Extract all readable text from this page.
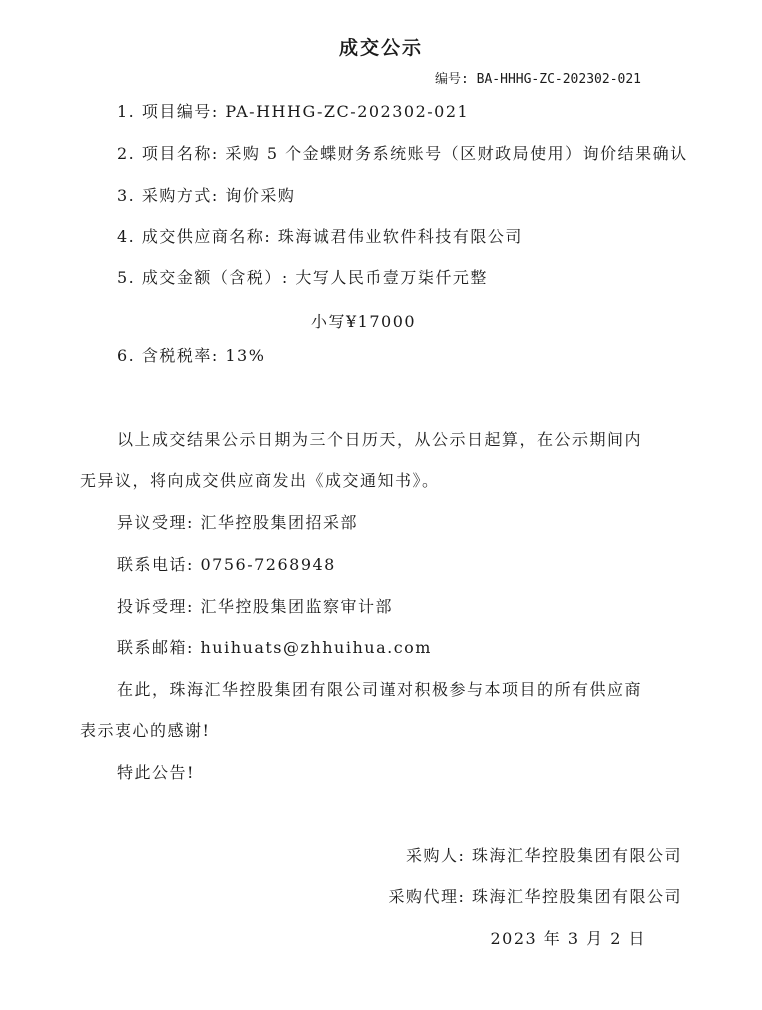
成交公示
编号: BA-HHHG-ZC-202302-021
1. 项目编号: PA-HHHG-ZC-202302-021
2. 项目名称: 采购 5 个金蝶财务系统账号（区财政局使用）询价结果确认
3. 采购方式: 询价采购
4. 成交供应商名称: 珠海诚君伟业软件科技有限公司
5. 成交金额（含税）: 大写人民币壹万柒仟元整
小写¥17000
6. 含税税率: 13%
以上成交结果公示日期为三个日历天，从公示日起算，在公示期间内
无异议，将向成交供应商发出《成交通知书》。
异议受理: 汇华控股集团招采部
联系电话: 0756-7268948
投诉受理: 汇华控股集团监察审计部
联系邮箱: huihuats@zhhuihua.com
在此，珠海汇华控股集团有限公司谨对积极参与本项目的所有供应商
表示衷心的感谢!
特此公告!
采购人: 珠海汇华控股集团有限公司
采购代理: 珠海汇华控股集团有限公司
2023 年 3 月 2 日
